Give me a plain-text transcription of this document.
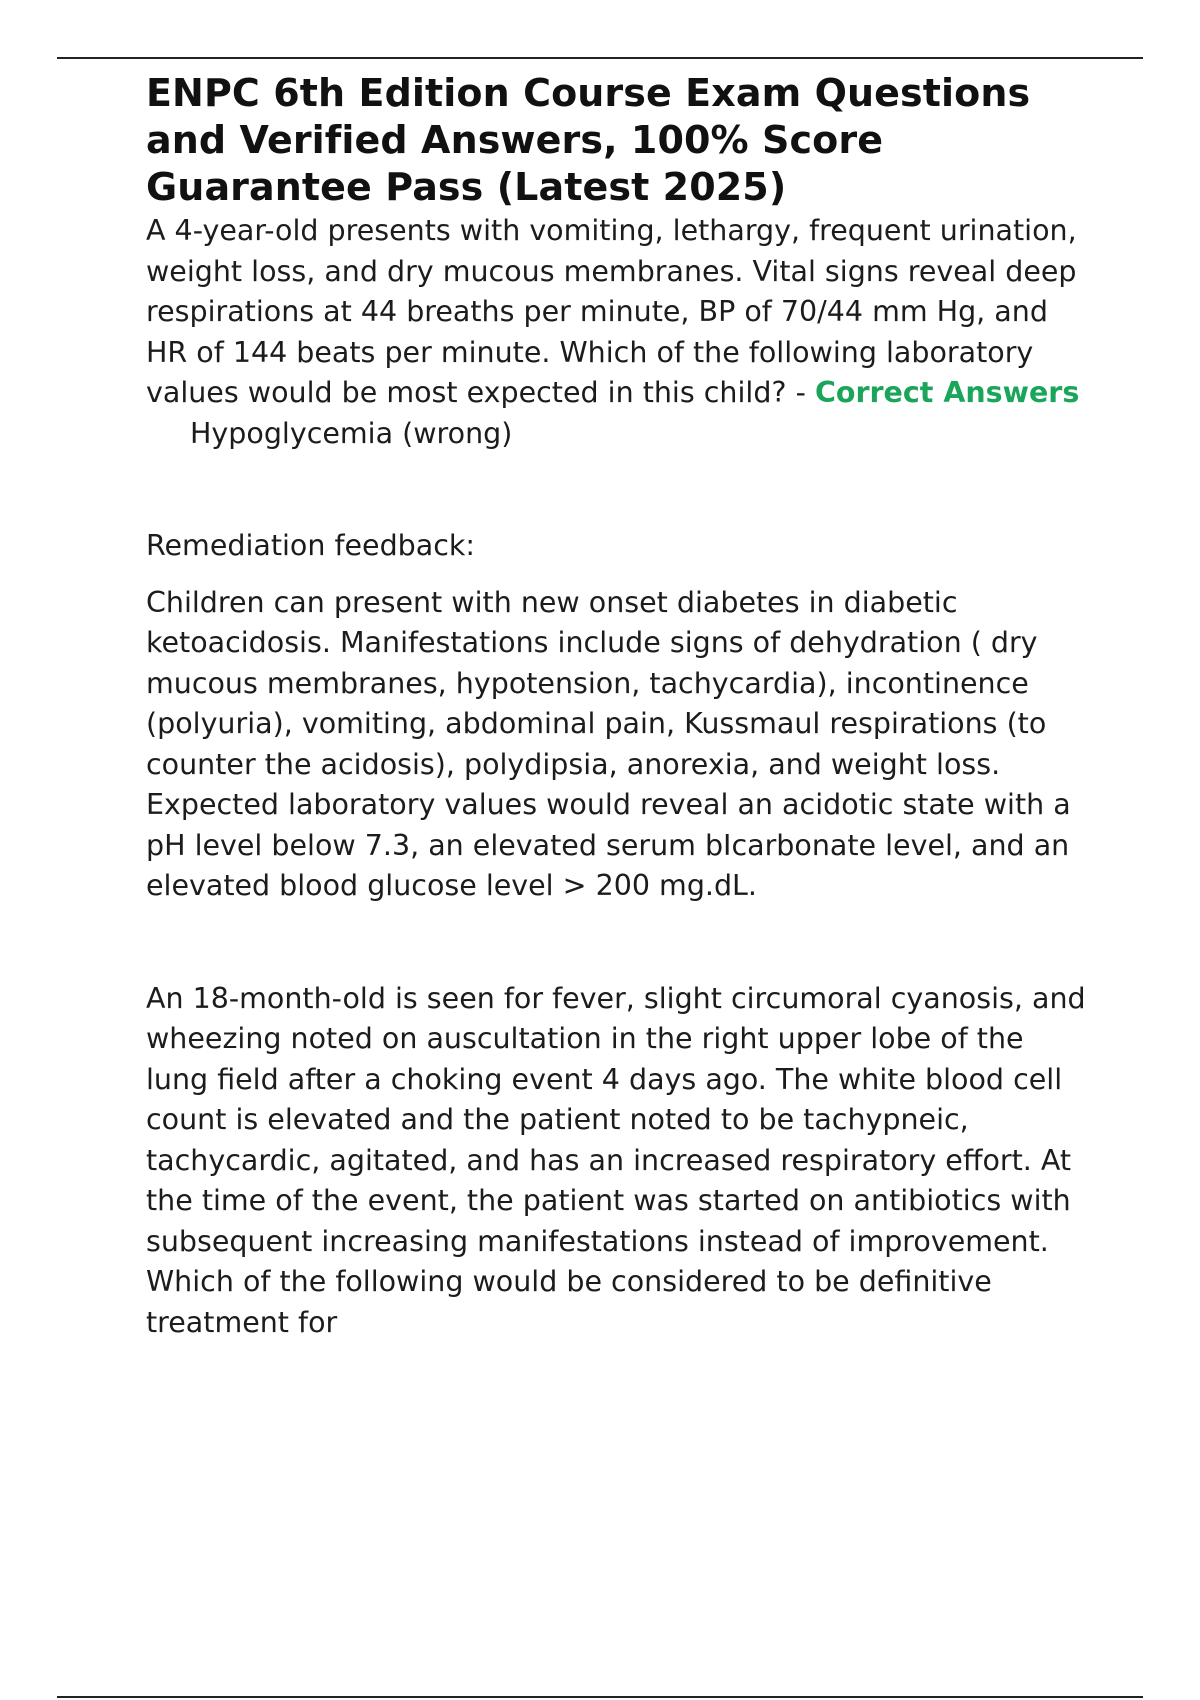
ENPC 6th Edition Course Exam Questions and Verified Answers, 100% Score Guarantee Pass (Latest 2025)

A 4-year-old presents with vomiting, lethargy, frequent urination, weight loss, and dry mucous membranes. Vital signs reveal deep respirations at 44 breaths per minute, BP of 70/44 mm Hg, and HR of 144 beats per minute. Which of the following laboratory values would be most expected in this child? - Correct AnswersHypoglycemia (wrong)

Remediation feedback:

Children can present with new onset diabetes in diabetic ketoacidosis. Manifestations include signs of dehydration ( dry mucous membranes, hypotension, tachycardia), incontinence (polyuria), vomiting, abdominal pain, Kussmaul respirations (to counter the acidosis), polydipsia, anorexia, and weight loss. Expected laboratory values would reveal an acidotic state with a pH level below 7.3, an elevated serum bIcarbonate level, and an elevated blood glucose level > 200 mg.dL.

An 18-month-old is seen for fever, slight circumoral cyanosis, and wheezing noted on auscultation in the right upper lobe of the lung field after a choking event 4 days ago. The white blood cell count is elevated and the patient noted to be tachypneic, tachycardic, agitated, and has an increased respiratory effort. At the time of the event, the patient was started on antibiotics with subsequent increasing manifestations instead of improvement. Which of the following would be considered to be definitive treatment for
